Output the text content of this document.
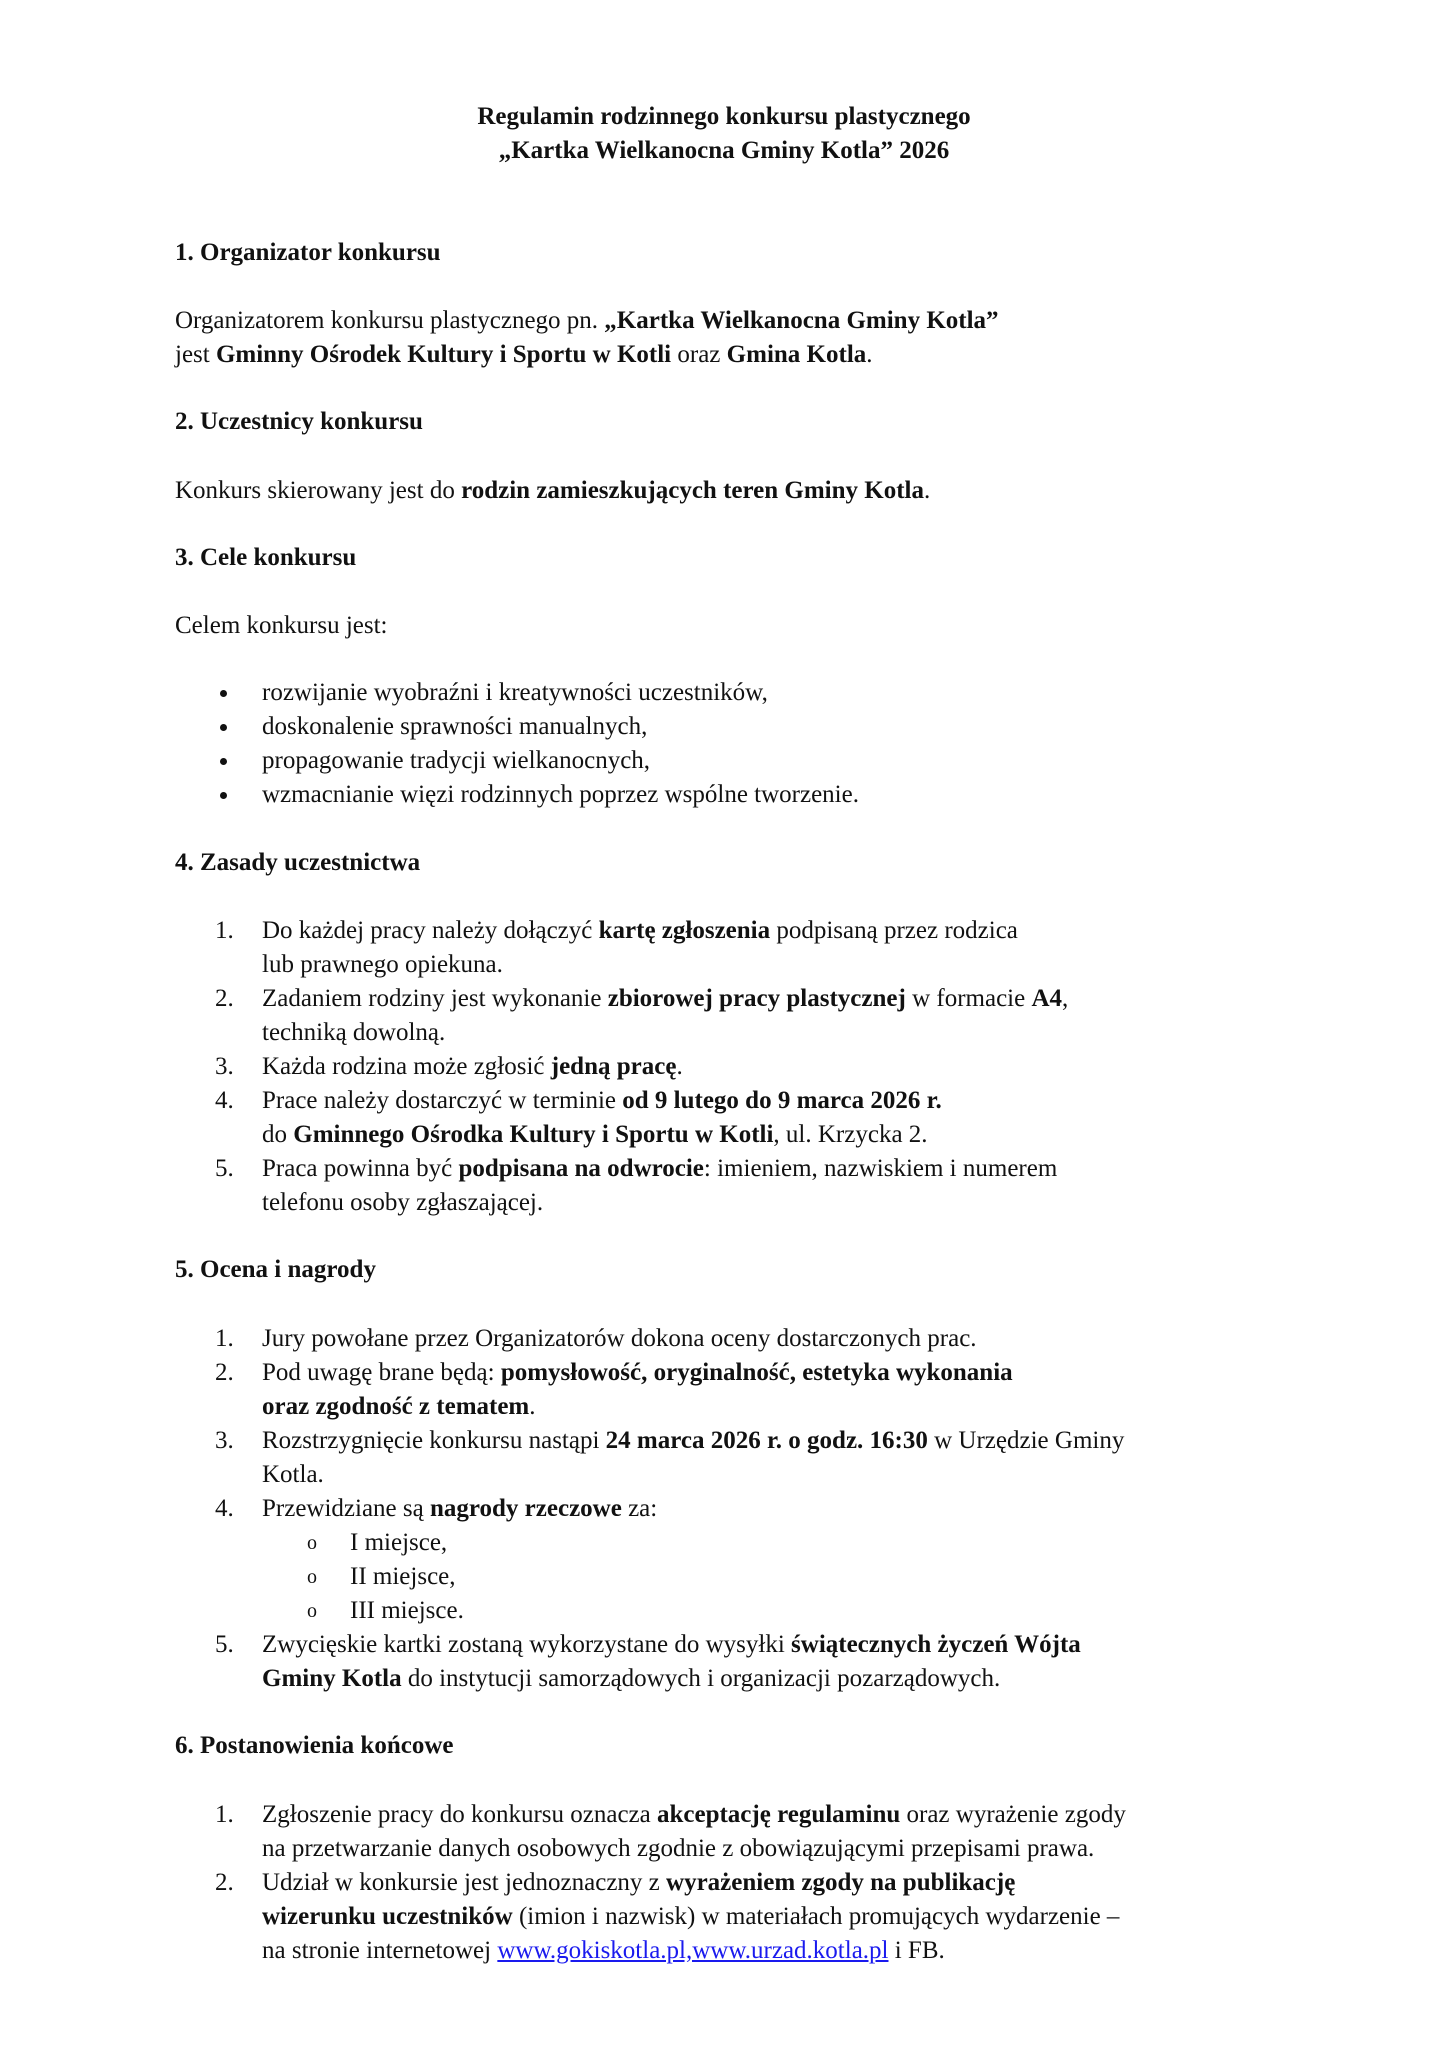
Regulamin rodzinnego konkursu plastycznego
„Kartka Wielkanocna Gminy Kotla” 2026
1. Organizator konkursu
Organizatorem konkursu plastycznego pn. „Kartka Wielkanocna Gminy Kotla”
jest Gminny Ośrodek Kultury i Sportu w Kotli oraz Gmina Kotla.
2. Uczestnicy konkursu
Konkurs skierowany jest do rodzin zamieszkujących teren Gminy Kotla.
3. Cele konkursu
Celem konkursu jest:
rozwijanie wyobraźni i kreatywności uczestników,
doskonalenie sprawności manualnych,
propagowanie tradycji wielkanocnych,
wzmacnianie więzi rodzinnych poprzez wspólne tworzenie.
4. Zasady uczestnictwa
1. Do każdej pracy należy dołączyć kartę zgłoszenia podpisaną przez rodzica
lub prawnego opiekuna.
2. Zadaniem rodziny jest wykonanie zbiorowej pracy plastycznej w formacie A4,
techniką dowolną.
3. Każda rodzina może zgłosić jedną pracę.
4. Prace należy dostarczyć w terminie od 9 lutego do 9 marca 2026 r.
do Gminnego Ośrodka Kultury i Sportu w Kotli, ul. Krzycka 2.
5. Praca powinna być podpisana na odwrocie: imieniem, nazwiskiem i numerem
telefonu osoby zgłaszającej.
5. Ocena i nagrody
1. Jury powołane przez Organizatorów dokona oceny dostarczonych prac.
2. Pod uwagę brane będą: pomysłowość, oryginalność, estetyka wykonania
oraz zgodność z tematem.
3. Rozstrzygnięcie konkursu nastąpi 24 marca 2026 r. o godz. 16:30 w Urzędzie Gminy
Kotla.
4. Przewidziane są nagrody rzeczowe za:
o I miejsce,
o II miejsce,
o III miejsce.
5. Zwycięskie kartki zostaną wykorzystane do wysyłki świątecznych życzeń Wójta
Gminy Kotla do instytucji samorządowych i organizacji pozarządowych.
6. Postanowienia końcowe
1. Zgłoszenie pracy do konkursu oznacza akceptację regulaminu oraz wyrażenie zgody
na przetwarzanie danych osobowych zgodnie z obowiązującymi przepisami prawa.
2. Udział w konkursie jest jednoznaczny z wyrażeniem zgody na publikację
wizerunku uczestników (imion i nazwisk) w materiałach promujących wydarzenie –
na stronie internetowej www.gokiskotla.pl,www.urzad.kotla.pl i FB.
